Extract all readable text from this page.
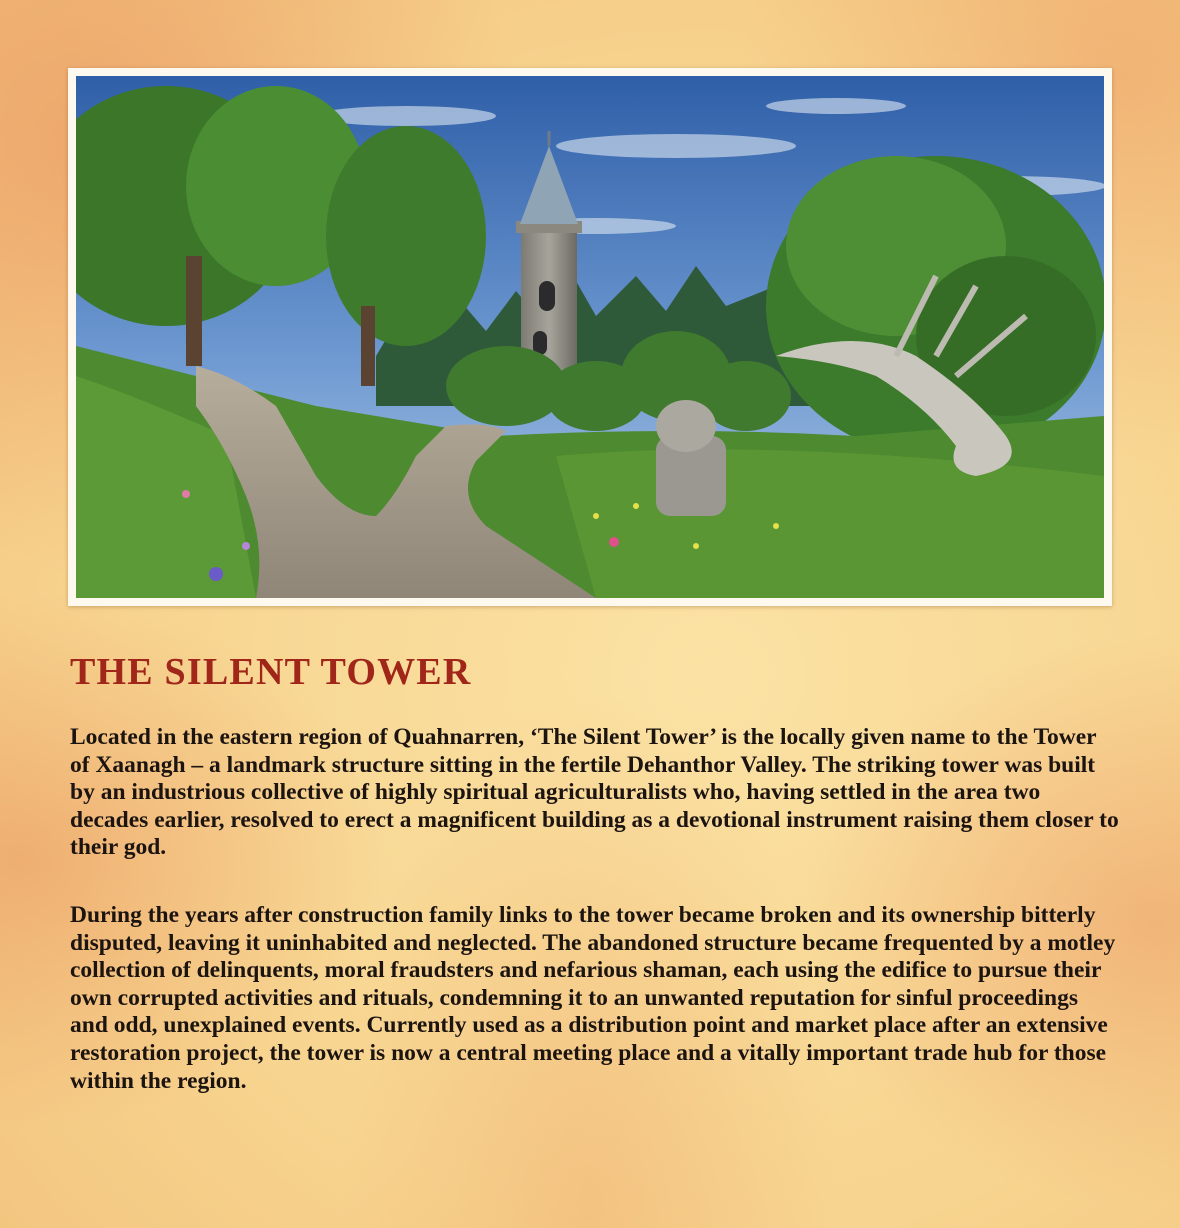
THE SILENT TOWER

Located in the eastern region of Quahnarren, ‘The Silent Tower’ is the locally given name to the Tower of Xaanagh – a landmark structure sitting in the fertile Dehanthor Valley. The striking tower was built by an industrious collective of highly spiritual agriculturalists who, having settled in the area two decades earlier, resolved to erect a magnificent building as a devotional instrument raising them closer to their god.

During the years after construction family links to the tower became broken and its ownership bitterly disputed, leaving it uninhabited and neglected. The abandoned structure became frequented by a motley collection of delinquents, moral fraudsters and nefarious shaman, each using the edifice to pursue their own corrupted activities and rituals, condemning it to an unwanted reputation for sinful proceedings and odd, unexplained events. Currently used as a distribution point and market place after an extensive restoration project, the tower is now a central meeting place and a vitally important trade hub for those within the region.
